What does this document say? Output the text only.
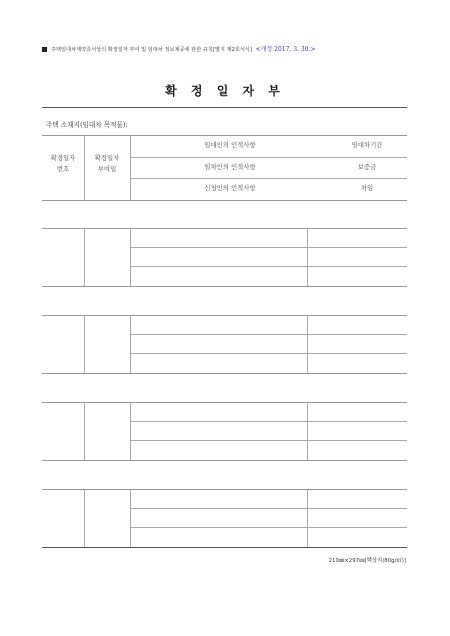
주택임대차계약증서상의 확정일자 부여 및 임대차 정보제공에 관한 규칙[별지 제2호서식] <개정 2017. 3. 30.>
확 정 일 자 부
주택 소재지(임대차 목적물):
확정일자
번호
확정일자
부여일
임대인의 인적사항	임대차기간
임차인의 인적사항	보증금
신청인의 인적사항	차임
210㎜×297㎜[백상지(80g/㎡)]
